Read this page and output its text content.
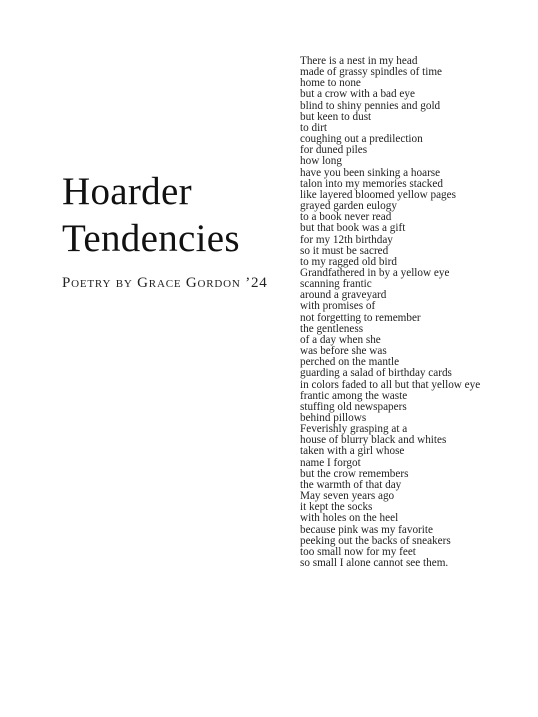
Hoarder
Tendencies
Poetry by Grace Gordon ’24
There is a nest in my head
made of grassy spindles of time
home to none
but a crow with a bad eye
blind to shiny pennies and gold
but keen to dust
to dirt
coughing out a predilection
for duned piles
how long
have you been sinking a hoarse
talon into my memories stacked
like layered bloomed yellow pages
grayed garden eulogy
to a book never read
but that book was a gift
for my 12th birthday
so it must be sacred
to my ragged old bird
Grandfathered in by a yellow eye
scanning frantic
around a graveyard
with promises of
not forgetting to remember
the gentleness
of a day when she
was before she was
perched on the mantle
guarding a salad of birthday cards
in colors faded to all but that yellow eye
frantic among the waste
stuffing old newspapers
behind pillows
Feverishly grasping at a
house of blurry black and whites
taken with a girl whose
name I forgot
but the crow remembers
the warmth of that day
May seven years ago
it kept the socks
with holes on the heel
because pink was my favorite
peeking out the backs of sneakers
too small now for my feet
so small I alone cannot see them.
